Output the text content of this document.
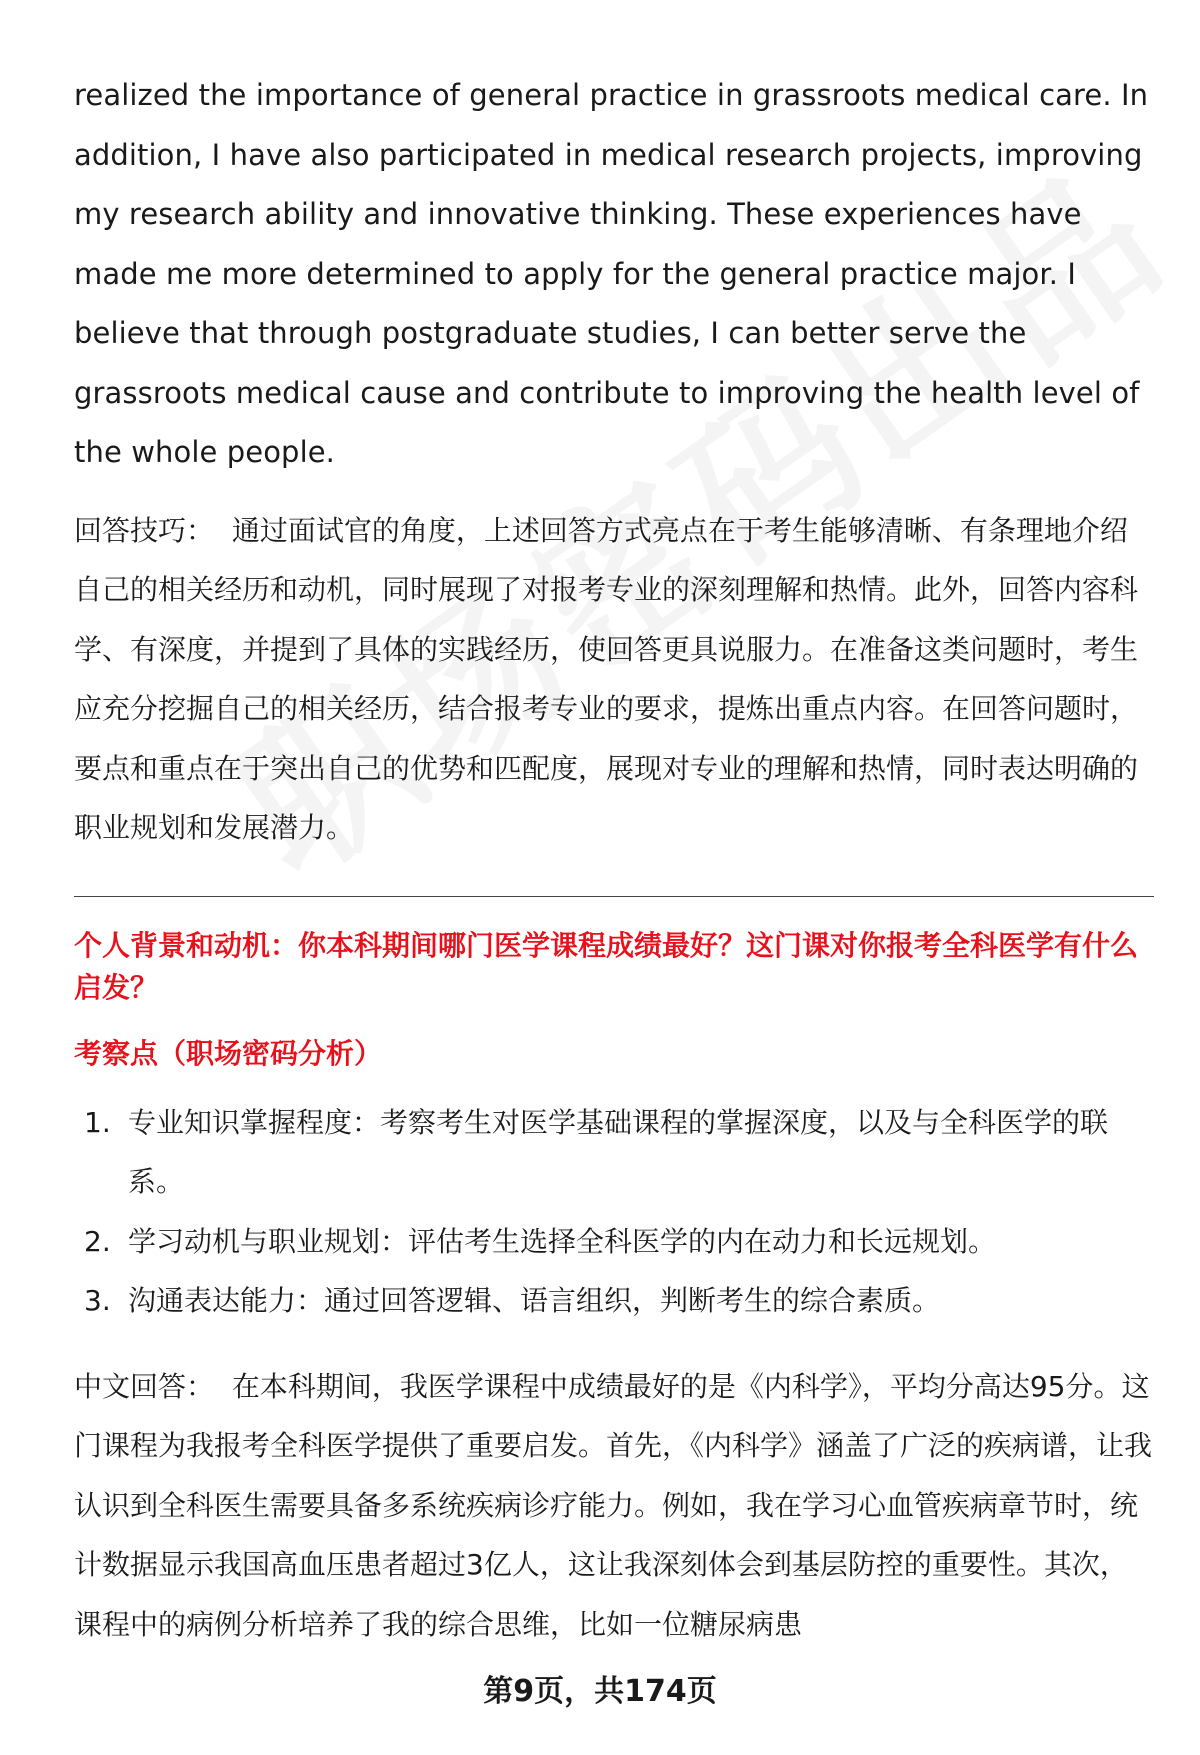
realized the importance of general practice in grassroots medical care. In addition, I have also participated in medical research projects, improving my research ability and innovative thinking. These experiences have made me more determined to apply for the general practice major. I believe that through postgraduate studies, I can better serve the grassroots medical cause and contribute to improving the health level of the whole people.

回答技巧： 通过面试官的角度，上述回答方式亮点在于考生能够清晰、有条理地介绍自己的相关经历和动机，同时展现了对报考专业的深刻理解和热情。此外，回答内容科学、有深度，并提到了具体的实践经历，使回答更具说服力。在准备这类问题时，考生应充分挖掘自己的相关经历，结合报考专业的要求，提炼出重点内容。在回答问题时，要点和重点在于突出自己的优势和匹配度，展现对专业的理解和热情，同时表达明确的职业规划和发展潜力。

个人背景和动机：你本科期间哪门医学课程成绩最好？这门课对你报考全科医学有什么启发？

考察点（职场密码分析）

1. 专业知识掌握程度：考察考生对医学基础课程的掌握深度，以及与全科医学的联系。
2. 学习动机与职业规划：评估考生选择全科医学的内在动力和长远规划。
3. 沟通表达能力：通过回答逻辑、语言组织，判断考生的综合素质。

中文回答： 在本科期间，我医学课程中成绩最好的是《内科学》，平均分高达95分。这门课程为我报考全科医学提供了重要启发。首先，《内科学》涵盖了广泛的疾病谱，让我认识到全科医生需要具备多系统疾病诊疗能力。例如，我在学习心血管疾病章节时，统计数据显示我国高血压患者超过3亿人，这让我深刻体会到基层防控的重要性。其次，课程中的病例分析培养了我的综合思维，比如一位糖尿病患

第9页，共174页
